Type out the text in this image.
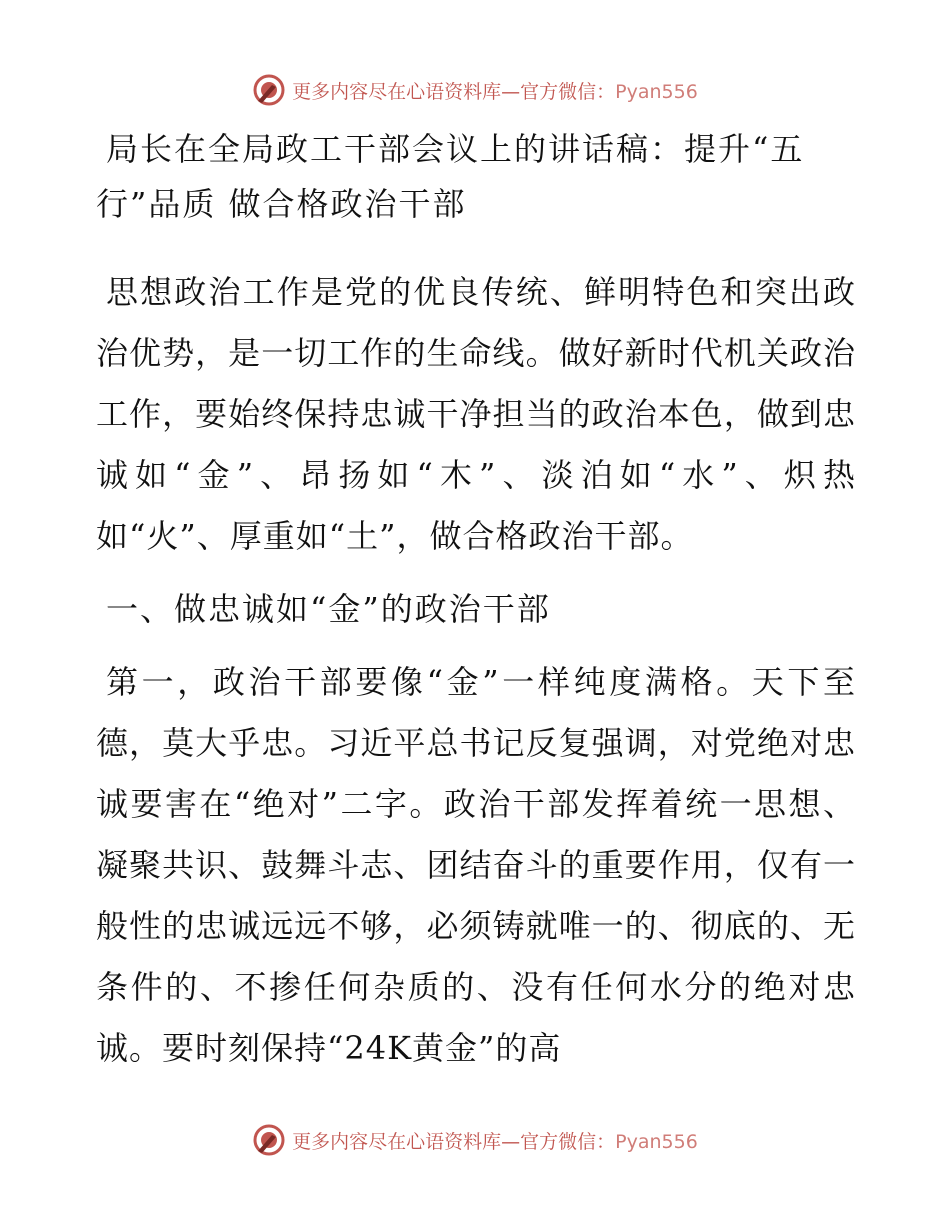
更多内容尽在心语资料库—官方微信：Pyan556

局长在全局政工干部会议上的讲话稿：提升“五行”品质 做合格政治干部

思想政治工作是党的优良传统、鲜明特色和突出政治优势，是一切工作的生命线。做好新时代机关政治工作，要始终保持忠诚干净担当的政治本色，做到忠诚如“金”、昂扬如“木”、淡泊如“水”、炽热如“火”、厚重如“土”，做合格政治干部。

一、做忠诚如“金”的政治干部

第一，政治干部要像“金”一样纯度满格。天下至德，莫大乎忠。习近平总书记反复强调，对党绝对忠诚要害在“绝对”二字。政治干部发挥着统一思想、凝聚共识、鼓舞斗志、团结奋斗的重要作用，仅有一般性的忠诚远远不够，必须铸就唯一的、彻底的、无条件的、不掺任何杂质的、没有任何水分的绝对忠诚。要时刻保持“24K黄金”的高

更多内容尽在心语资料库—官方微信：Pyan556
